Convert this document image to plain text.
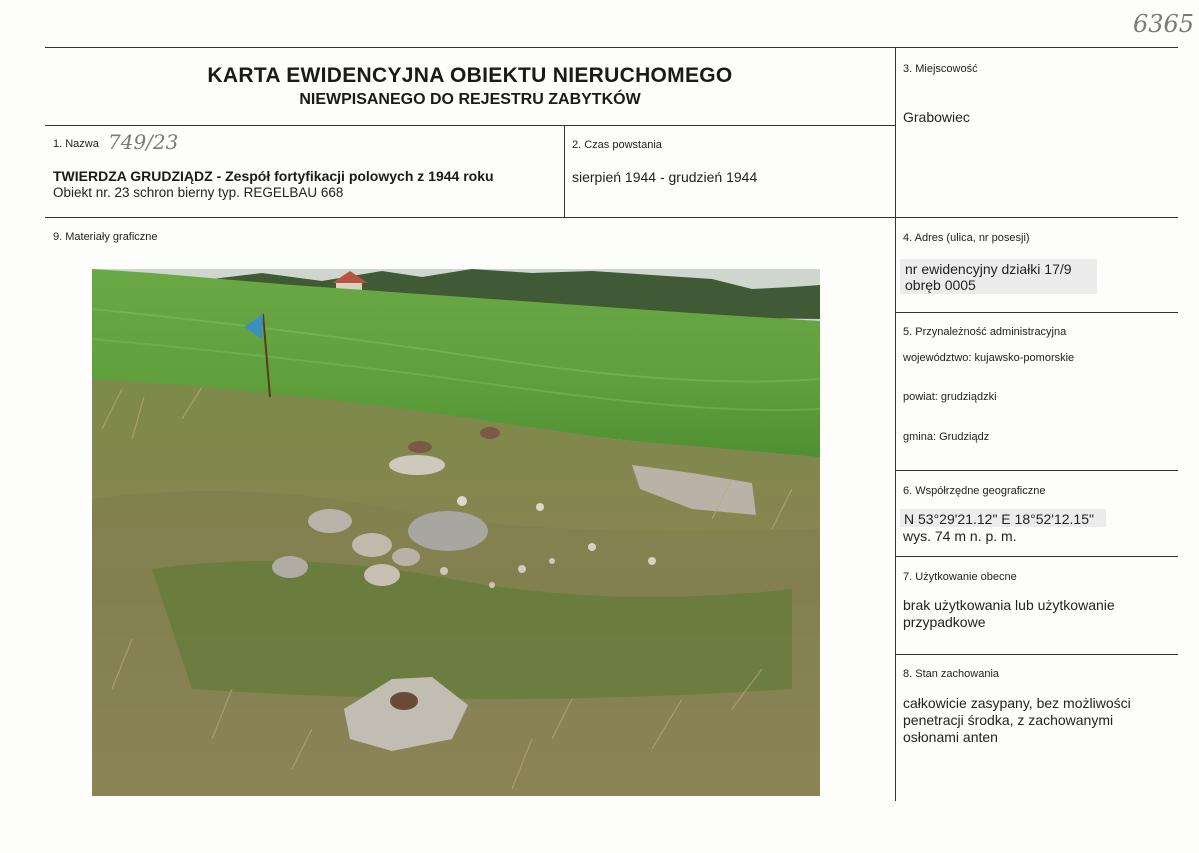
6365
KARTA EWIDENCYJNA OBIEKTU NIERUCHOMEGO
NIEWPISANEGO DO REJESTRU ZABYTKÓW
1. Nazwa 749/23
TWIERDZA GRUDZIĄDZ - Zespół fortyfikacji polowych z 1944 roku
Obiekt nr. 23 schron bierny typ. REGELBAU 668
2. Czas powstania
sierpień 1944 - grudzień 1944
3. Miejscowość
Grabowiec
9. Materiały graficzne	4. Adres (ulica, nr posesji)
nr ewidencyjny działki 17/9
obręb 0005
5. Przynależność administracyjna
województwo: kujawsko-pomorskie
powiat: grudziądzki
gmina: Grudziądz
6. Współrzędne geograficzne
N 53°29'21.12" E 18°52'12.15"
wys. 74 m n. p. m.
7. Użytkowanie obecne
brak użytkowania lub użytkowanie
przypadkowe
8. Stan zachowania
całkowicie zasypany, bez możliwości
penetracji środka, z zachowanymi
osłonami anten
